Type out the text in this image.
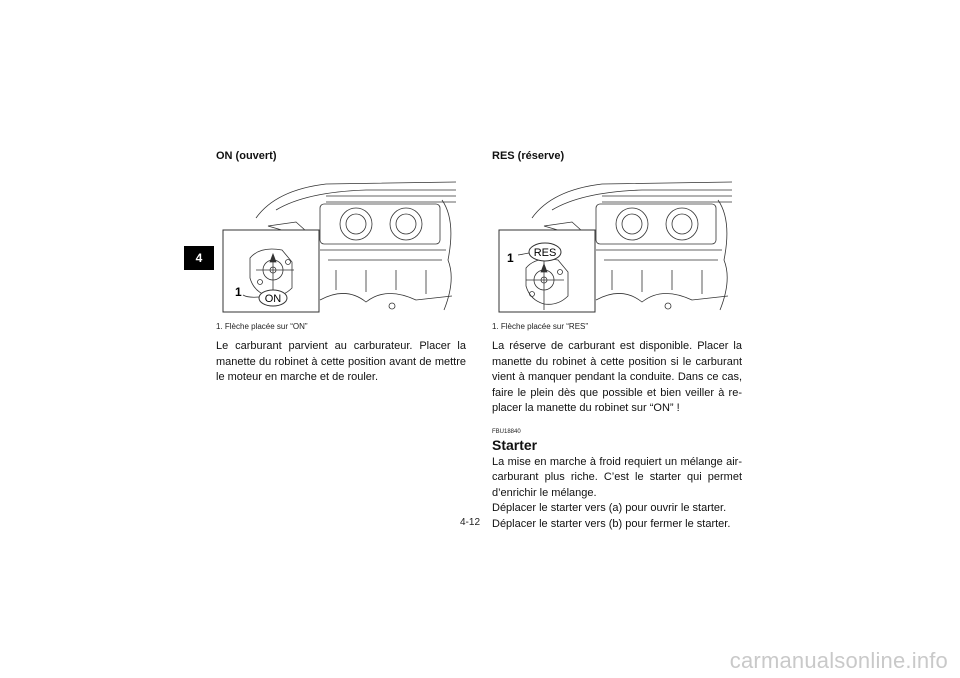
4
ON (ouvert)
ON
1
1. Flèche placée sur “ON”
Le carburant parvient au carburateur. Placer la manette du robinet à cette position avant de mettre le moteur en marche et de rouler.
RES (réserve)
RES
1
1. Flèche placée sur “RES”
La réserve de carburant est disponible. Placer la manette du robinet à cette position si le carburant vient à manquer pendant la conduite. Dans ce cas, faire le plein dès que possible et bien veiller à re-placer la manette du robinet sur “ON” !
FBU18840
Starter
La mise en marche à froid requiert un mélange air-carburant plus riche. C’est le starter qui permet d’enrichir le mélange.
Déplacer le starter vers (a) pour ouvrir le starter.
Déplacer le starter vers (b) pour fermer le starter.
4-12
carmanualsonline.info
